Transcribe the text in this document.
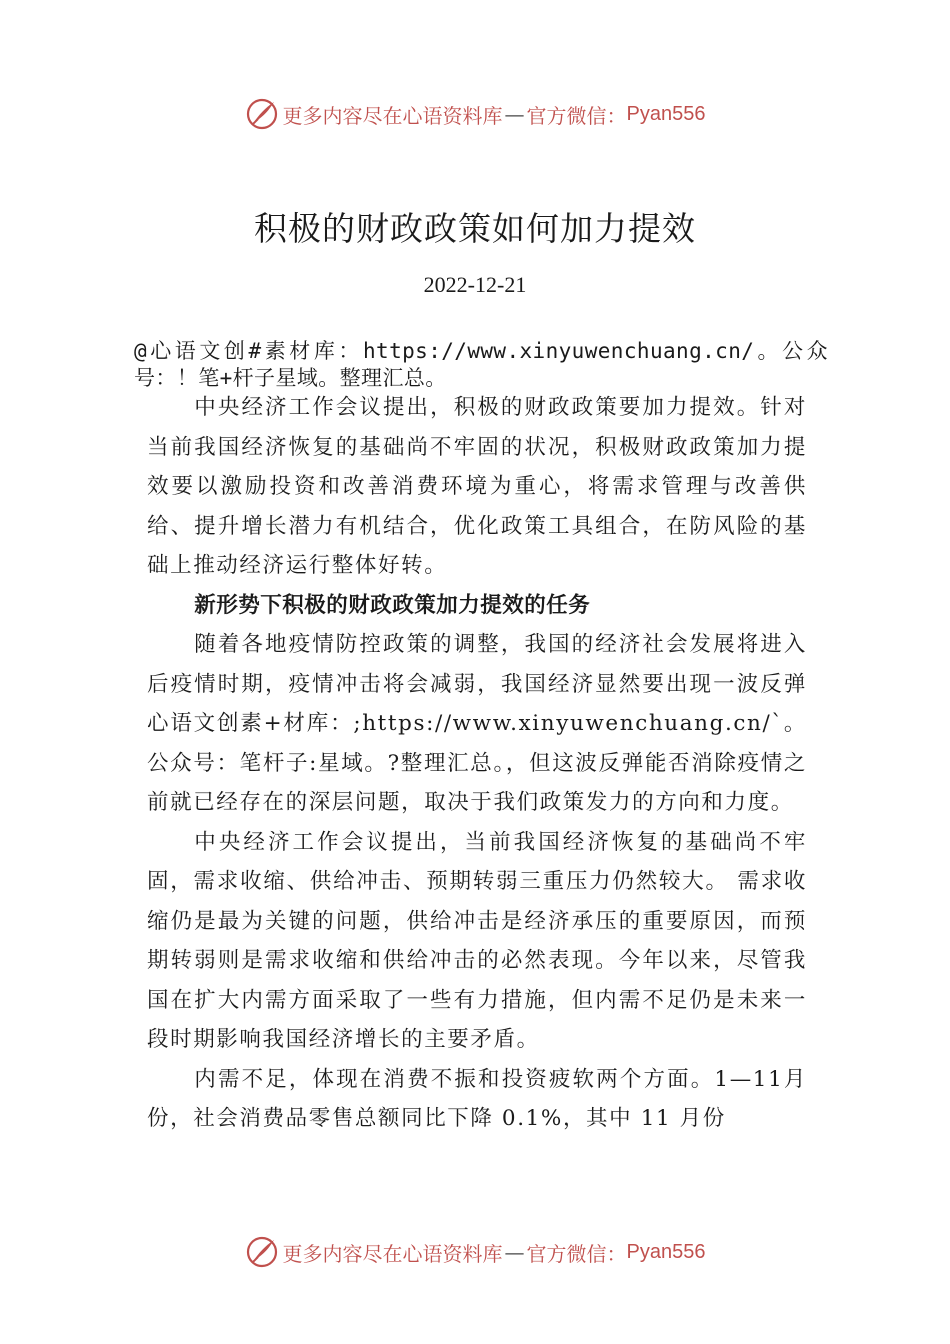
更多内容尽在心语资料库 — 官方微信： Pyan556
积极的财政政策如何加力提效
2022-12-21
@心语文创#素材库：https://www.xinyuwenchuang.cn/。公众号：！笔+杆子星域。整理汇总。

中央经济工作会议提出，积极的财政政策要加力提效。针对当前我国经济恢复的基础尚不牢固的状况，积极财政政策加力提效要以激励投资和改善消费环境为重心，将需求管理与改善供给、提升增长潜力有机结合，优化政策工具组合，在防风险的基础上推动经济运行整体好转。

新形势下积极的财政政策加力提效的任务

随着各地疫情防控政策的调整，我国的经济社会发展将进入后疫情时期，疫情冲击将会减弱，我国经济显然要出现一波反弹心语文创素+材库：;https://www.xinyuwenchuang.cn/`。公众号：笔杆子:星域。?整理汇总。，但这波反弹能否消除疫情之前就已经存在的深层问题，取决于我们政策发力的方向和力度。

中央经济工作会议提出，当前我国经济恢复的基础尚不牢固，需求收缩、供给冲击、预期转弱三重压力仍然较大。 需求收缩仍是最为关键的问题，供给冲击是经济承压的重要原因，而预期转弱则是需求收缩和供给冲击的必然表现。今年以来，尽管我国在扩大内需方面采取了一些有力措施，但内需不足仍是未来一段时期影响我国经济增长的主要矛盾。

内需不足，体现在消费不振和投资疲软两个方面。1—11月份，社会消费品零售总额同比下降 0.1%，其中 11 月份

更多内容尽在心语资料库 — 官方微信： Pyan556
